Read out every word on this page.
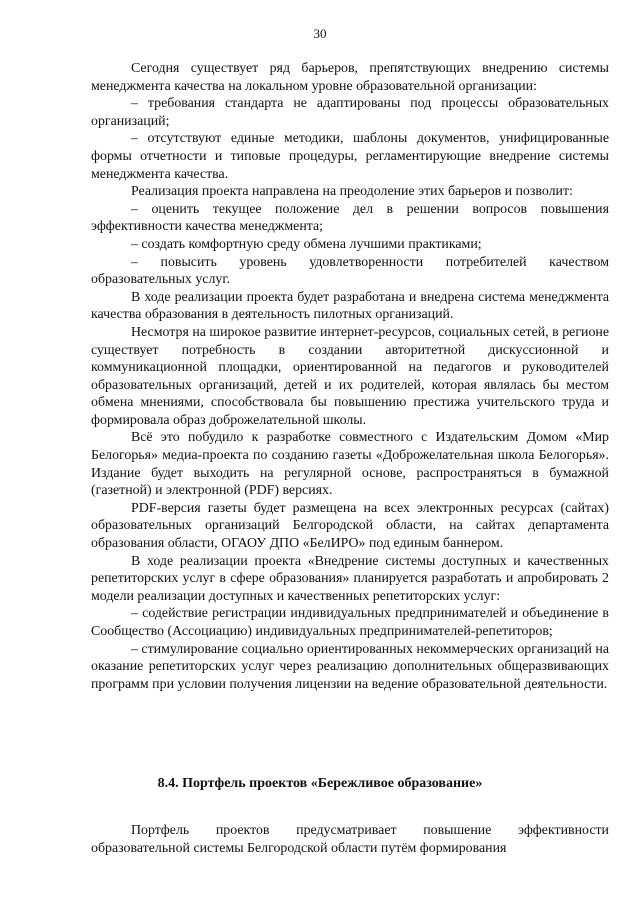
30

Сегодня существует ряд барьеров, препятствующих внедрению системы менеджмента качества на локальном уровне образовательной организации:

– требования стандарта не адаптированы под процессы образовательных организаций;

– отсутствуют единые методики, шаблоны документов, унифицированные формы отчетности и типовые процедуры, регламентирующие внедрение системы менеджмента качества.

Реализация проекта направлена на преодоление этих барьеров и позволит:

– оценить текущее положение дел в решении вопросов повышения эффективности качества менеджмента;

– создать комфортную среду обмена лучшими практиками;

– повысить уровень удовлетворенности потребителей качеством образовательных услуг.

В ходе реализации проекта будет разработана и внедрена система менеджмента качества образования в деятельность пилотных организаций.

Несмотря на широкое развитие интернет-ресурсов, социальных сетей, в регионе существует потребность в создании авторитетной дискуссионной и коммуникационной площадки, ориентированной на педагогов и руководителей образовательных организаций, детей и их родителей, которая являлась бы местом обмена мнениями, способствовала бы повышению престижа учительского труда и формировала образ доброжелательной школы.

Всё это побудило к разработке совместного с Издательским Домом «Мир Белогорья» медиа-проекта по созданию газеты «Доброжелательная школа Белогорья». Издание будет выходить на регулярной основе, распространяться в бумажной (газетной) и электронной (PDF) версиях.

PDF-версия газеты будет размещена на всех электронных ресурсах (сайтах) образовательных организаций Белгородской области, на сайтах департамента образования области, ОГАОУ ДПО «БелИРО» под единым баннером.

В ходе реализации проекта «Внедрение системы доступных и качественных репетиторских услуг в сфере образования» планируется разработать и апробировать 2 модели реализации доступных и качественных репетиторских услуг:

– содействие регистрации индивидуальных предпринимателей и объединение в Сообщество (Ассоциацию) индивидуальных предпринимателей-репетиторов;

– стимулирование социально ориентированных некоммерческих организаций на оказание репетиторских услуг через реализацию дополнительных общеразвивающих программ при условии получения лицензии на ведение образовательной деятельности.

8.4. Портфель проектов «Бережливое образование»

Портфель проектов предусматривает повышение эффективности образовательной системы Белгородской области путём формирования
